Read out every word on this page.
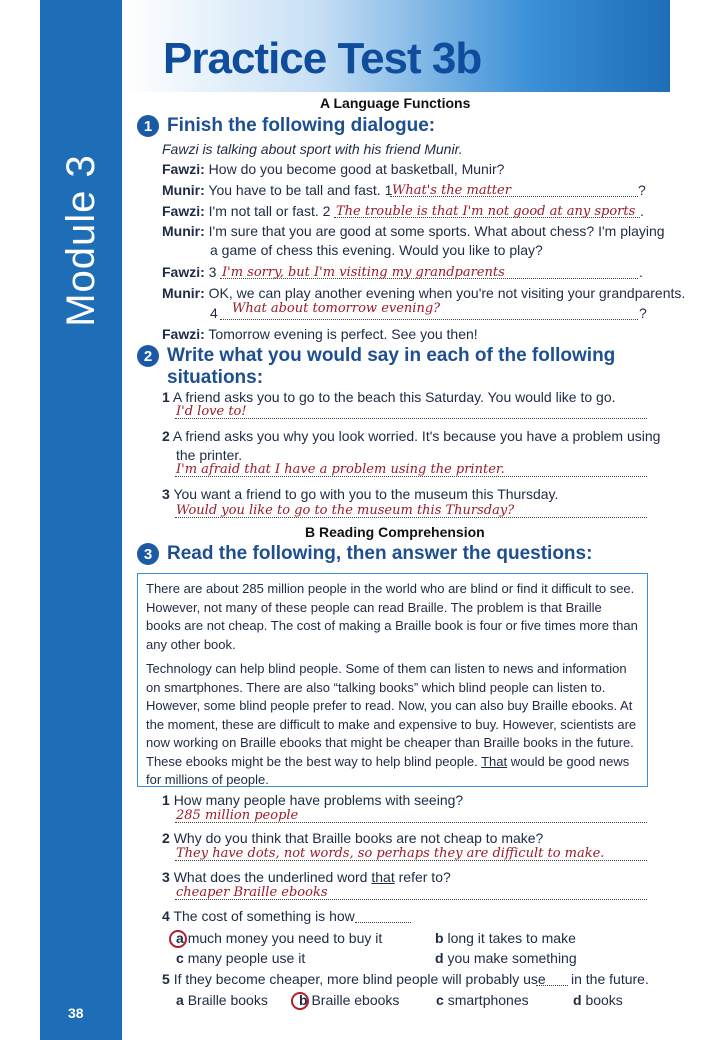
Module 3
38
Practice Test 3b
A Language Functions
1 Finish the following dialogue:
Fawzi is talking about sport with his friend Munir.
Fawzi: How do you become good at basketball, Munir?
Munir: You have to be tall and fast. 1 What's the matter	?
Fawzi: I'm not tall or fast. 2 The trouble is that I'm not good at any sports .
Munir: I'm sure that you are good at some sports. What about chess? I'm playing
a game of chess this evening. Would you like to play?
Fawzi: 3 I'm sorry, but I'm visiting my grandparents	.
Munir: OK, we can play another evening when you're not visiting your grandparents.
4 What about tomorrow evening?	?
Fawzi: Tomorrow evening is perfect. See you then!
2 Write what you would say in each of the following
situations:
1 A friend asks you to go to the beach this Saturday. You would like to go.
I'd love to!
2 A friend asks you why you look worried. It's because you have a problem using
the printer.
I'm afraid that I have a problem using the printer.
3 You want a friend to go with you to the museum this Thursday.
Would you like to go to the museum this Thursday?
B Reading Comprehension
3 Read the following, then answer the questions:

There are about 285 million people in the world who are blind or find it difficult to see. However, not many of these people can read Braille. The problem is that Braille books are not cheap. The cost of making a Braille book is four or five times more than any other book.

Technology can help blind people. Some of them can listen to news and information on smartphones. There are also “talking books” which blind people can listen to. However, some blind people prefer to read. Now, you can also buy Braille ebooks. At the moment, these are difficult to make and expensive to buy. However, scientists are now working on Braille ebooks that might be cheaper than Braille books in the future. These ebooks might be the best way to help blind people. That would be good news for millions of people.

1 How many people have problems with seeing?
285 million people
2 Why do you think that Braille books are not cheap to make?
They have dots, not words, so perhaps they are difficult to make.
3 What does the underlined word that refer to?
cheaper Braille ebooks
4 The cost of something is how
a much money you need to buy it	b long it takes to make
c many people use it	d you make something
5 If they become cheaper, more blind people will probably use in the future.
a Braille books b Braille ebooks	c smartphones	d books
